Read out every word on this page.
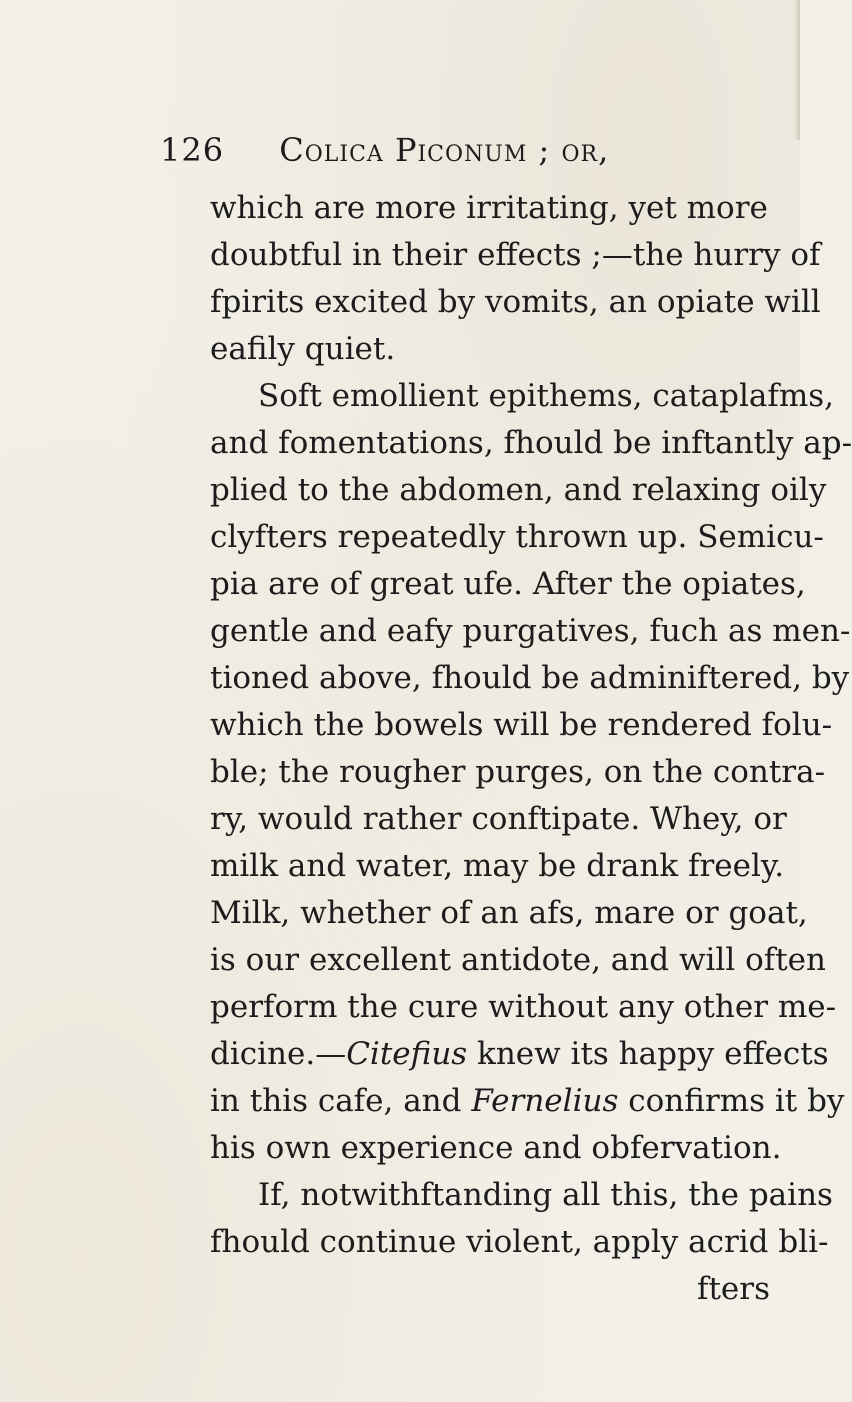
126 Colica Piconum ; or,
which are more irritating, yet more
doubtful in their effects ;—the hurry of
fpirits excited by vomits, an opiate will
eafily quiet.
Soft emollient epithems, cataplafms,
and fomentations, fhould be inftantly ap-
plied to the abdomen, and relaxing oily
clyfters repeatedly thrown up. Semicu-
pia are of great ufe. After the opiates,
gentle and eafy purgatives, fuch as men-
tioned above, fhould be adminiftered, by
which the bowels will be rendered folu-
ble; the rougher purges, on the contra-
ry, would rather conftipate. Whey, or
milk and water, may be drank freely.
Milk, whether of an afs, mare or goat,
is our excellent antidote, and will often
perform the cure without any other me-
dicine.—Citefius knew its happy effects
in this cafe, and Fernelius confirms it by
his own experience and obfervation.
If, notwithftanding all this, the pains
fhould continue violent, apply acrid bli-
fters
